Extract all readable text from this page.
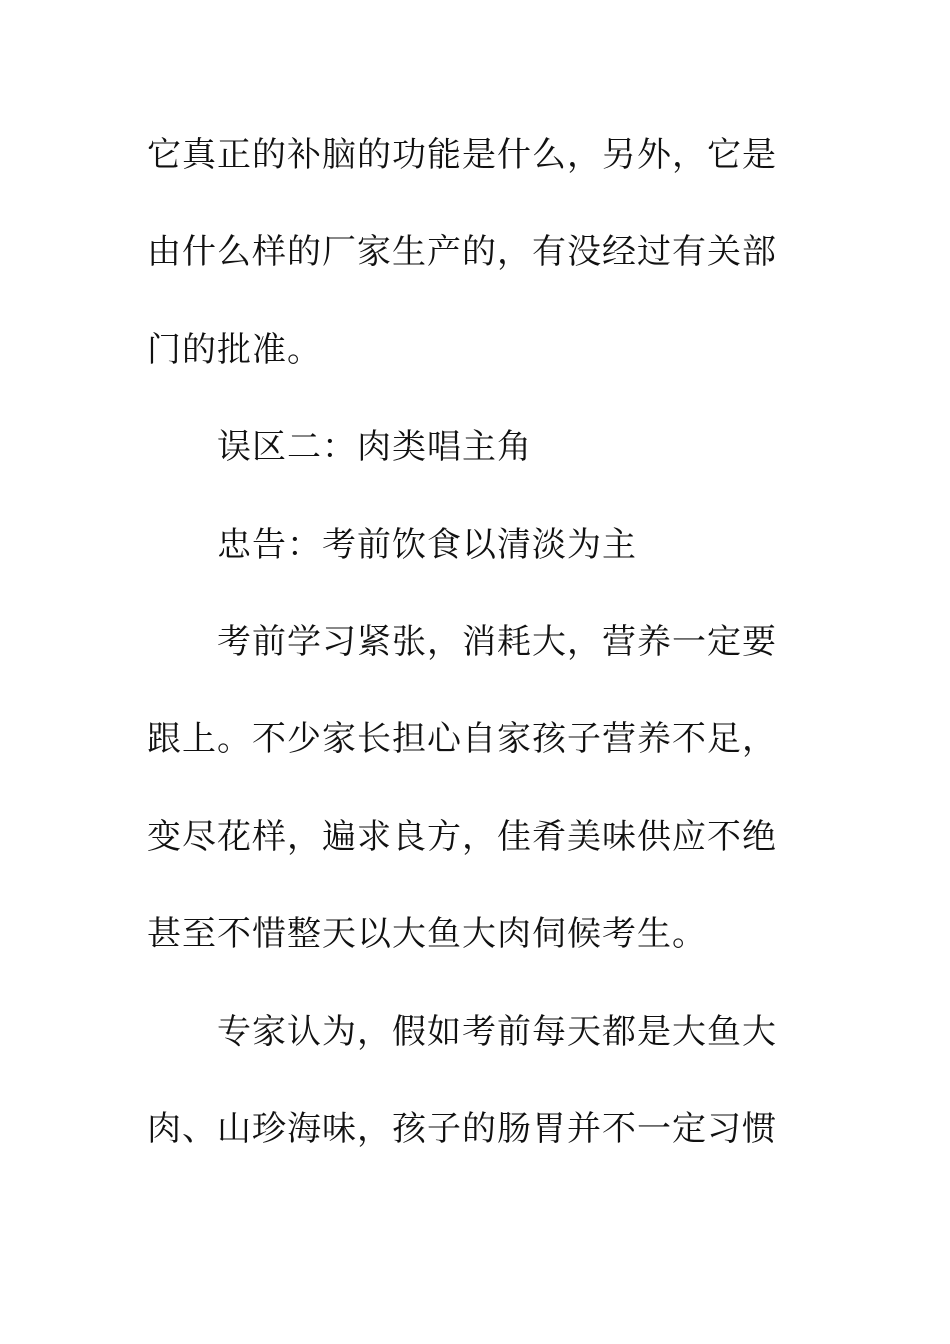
它真正的补脑的功能是什么，另外，它是
由什么样的厂家生产的，有没经过有关部
门的批准。
误区二：肉类唱主角
忠告：考前饮食以清淡为主
考前学习紧张，消耗大，营养一定要
跟上。不少家长担心自家孩子营养不足，
变尽花样，遍求良方，佳肴美味供应不绝
甚至不惜整天以大鱼大肉伺候考生。
专家认为，假如考前每天都是大鱼大
肉、山珍海味，孩子的肠胃并不一定习惯
